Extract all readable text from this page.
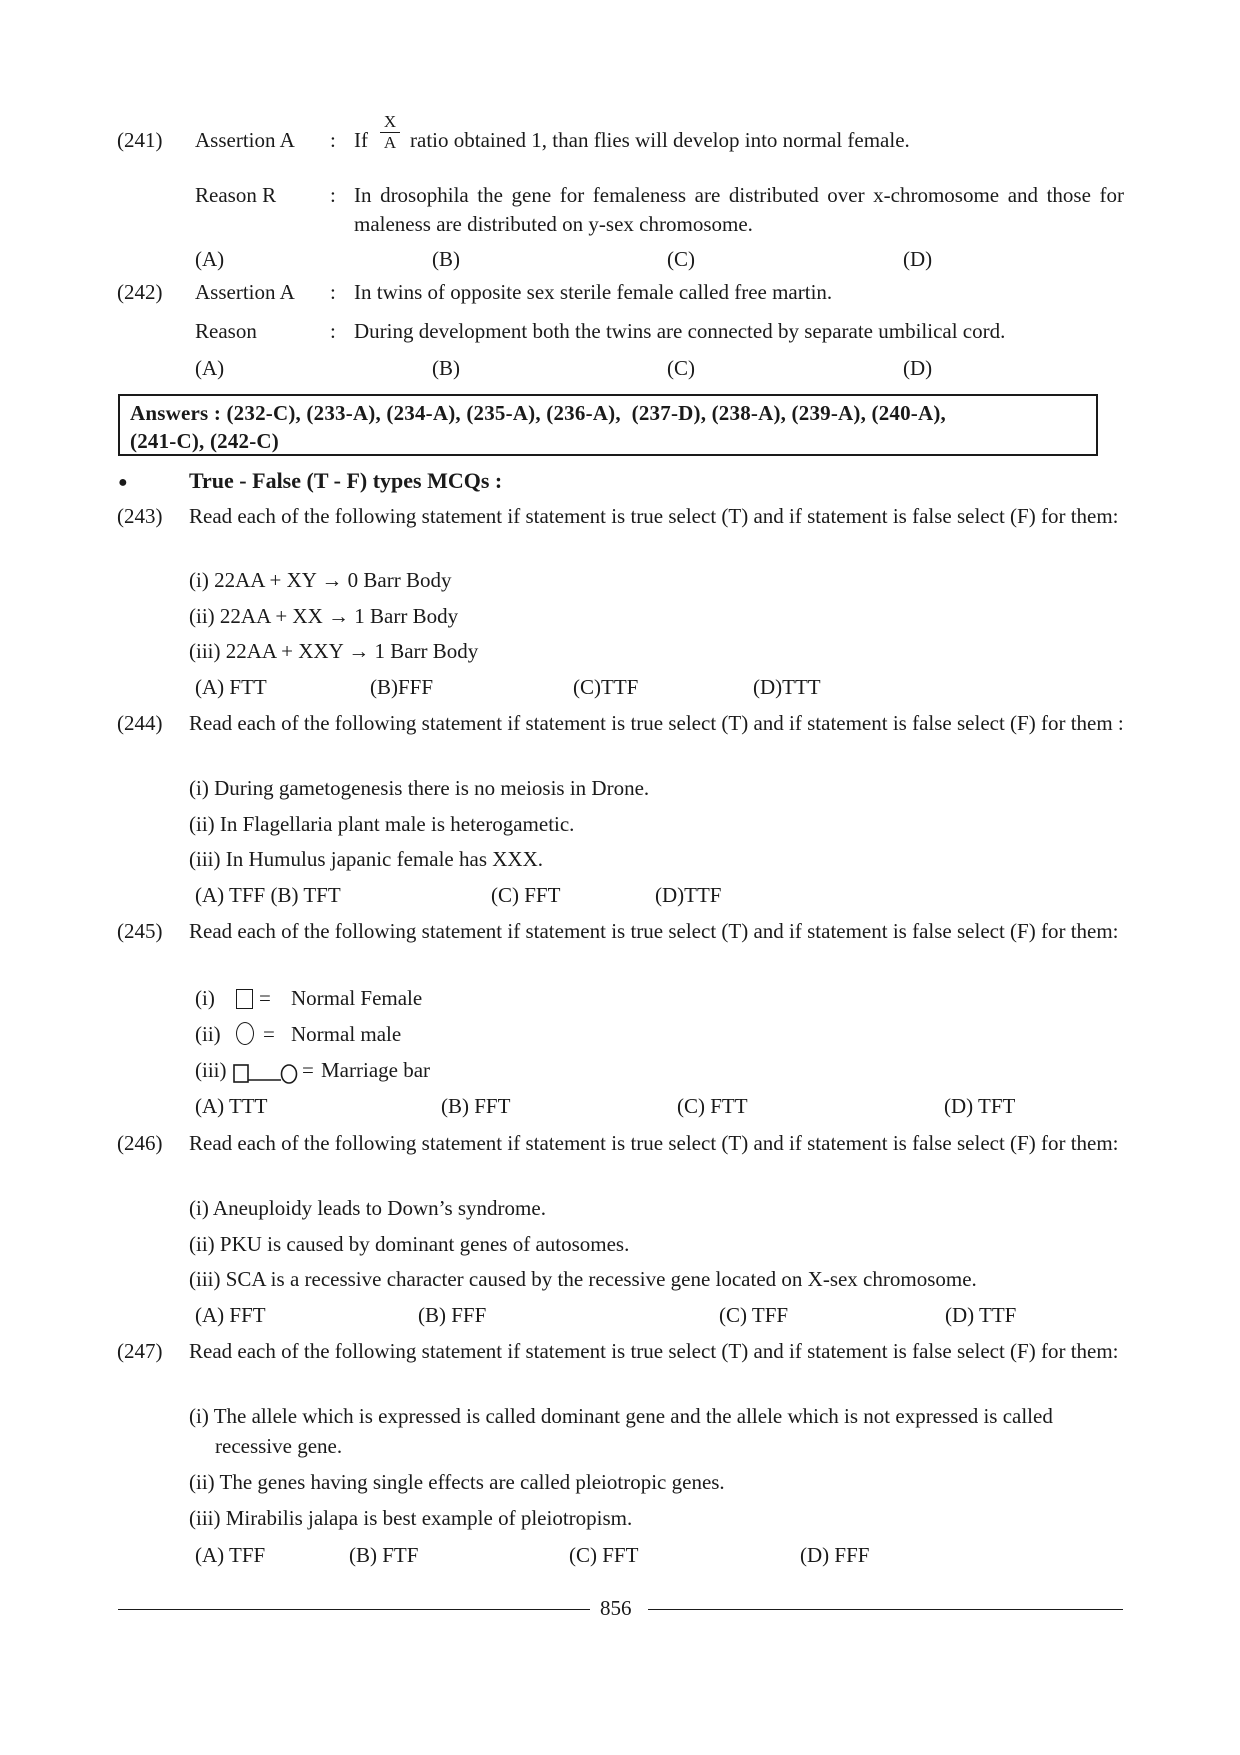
(241) Assertion A : If
X
A ratio obtained 1, than flies will develop into normal female.
Reason R	: In drosophila the gene for femaleness are distributed over x-chromosome and those for maleness are distributed on y-sex chromosome.
(A)	(B)	(C)	(D)
(242) Assertion A : In twins of opposite sex sterile female called free martin.
Reason	: During development both the twins are connected by separate umbilical cord.
(A)	(B)	(C)	(D)
Answers : (232-C), (233-A), (234-A), (235-A), (236-A),  (237-D), (238-A), (239-A), (240-A),
(241-C), (242-C)
●	True - False (T - F) types MCQs :
(243) Read each of the following statement if statement is true select (T) and if statement is false select (F) for them:
(i) 22AA + XY → 0 Barr Body
(ii) 22AA + XX → 1 Barr Body
(iii) 22AA + XXY → 1 Barr Body
(A) FTT	(B)FFF	(C)TTF	(D)TTT
(244) Read each of the following statement if statement is true select (T) and if statement is false select (F) for them :
(i) During gametogenesis there is no meiosis in Drone.
(ii) In Flagellaria plant male is heterogametic.
(iii) In Humulus japanic female has XXX.
(A) TFF (B) TFT	(C) FFT	(D)TTF
(245) Read each of the following statement if statement is true select (T) and if statement is false select (F) for them:
(i) = Normal Female
(ii) = Normal male
(iii)	= Marriage bar
(A) TTT	(B) FFT	(C) FTT	(D) TFT
(246) Read each of the following statement if statement is true select (T) and if statement is false select (F) for them:
(i) Aneuploidy leads to Down’s syndrome.
(ii) PKU is caused by dominant genes of autosomes.
(iii) SCA is a recessive character caused by the recessive gene located on X-sex chromosome.
(A) FFT	(B) FFF	(C) TFF	(D) TTF
(247) Read each of the following statement if statement is true select (T) and if statement is false select (F) for them:
(i) The allele which is expressed is called dominant gene and the allele which is not expressed is called
recessive gene.
(ii) The genes having single effects are called pleiotropic genes.
(iii) Mirabilis jalapa is best example of pleiotropism.
(A) TFF	(B) FTF	(C) FFT	(D) FFF
856
